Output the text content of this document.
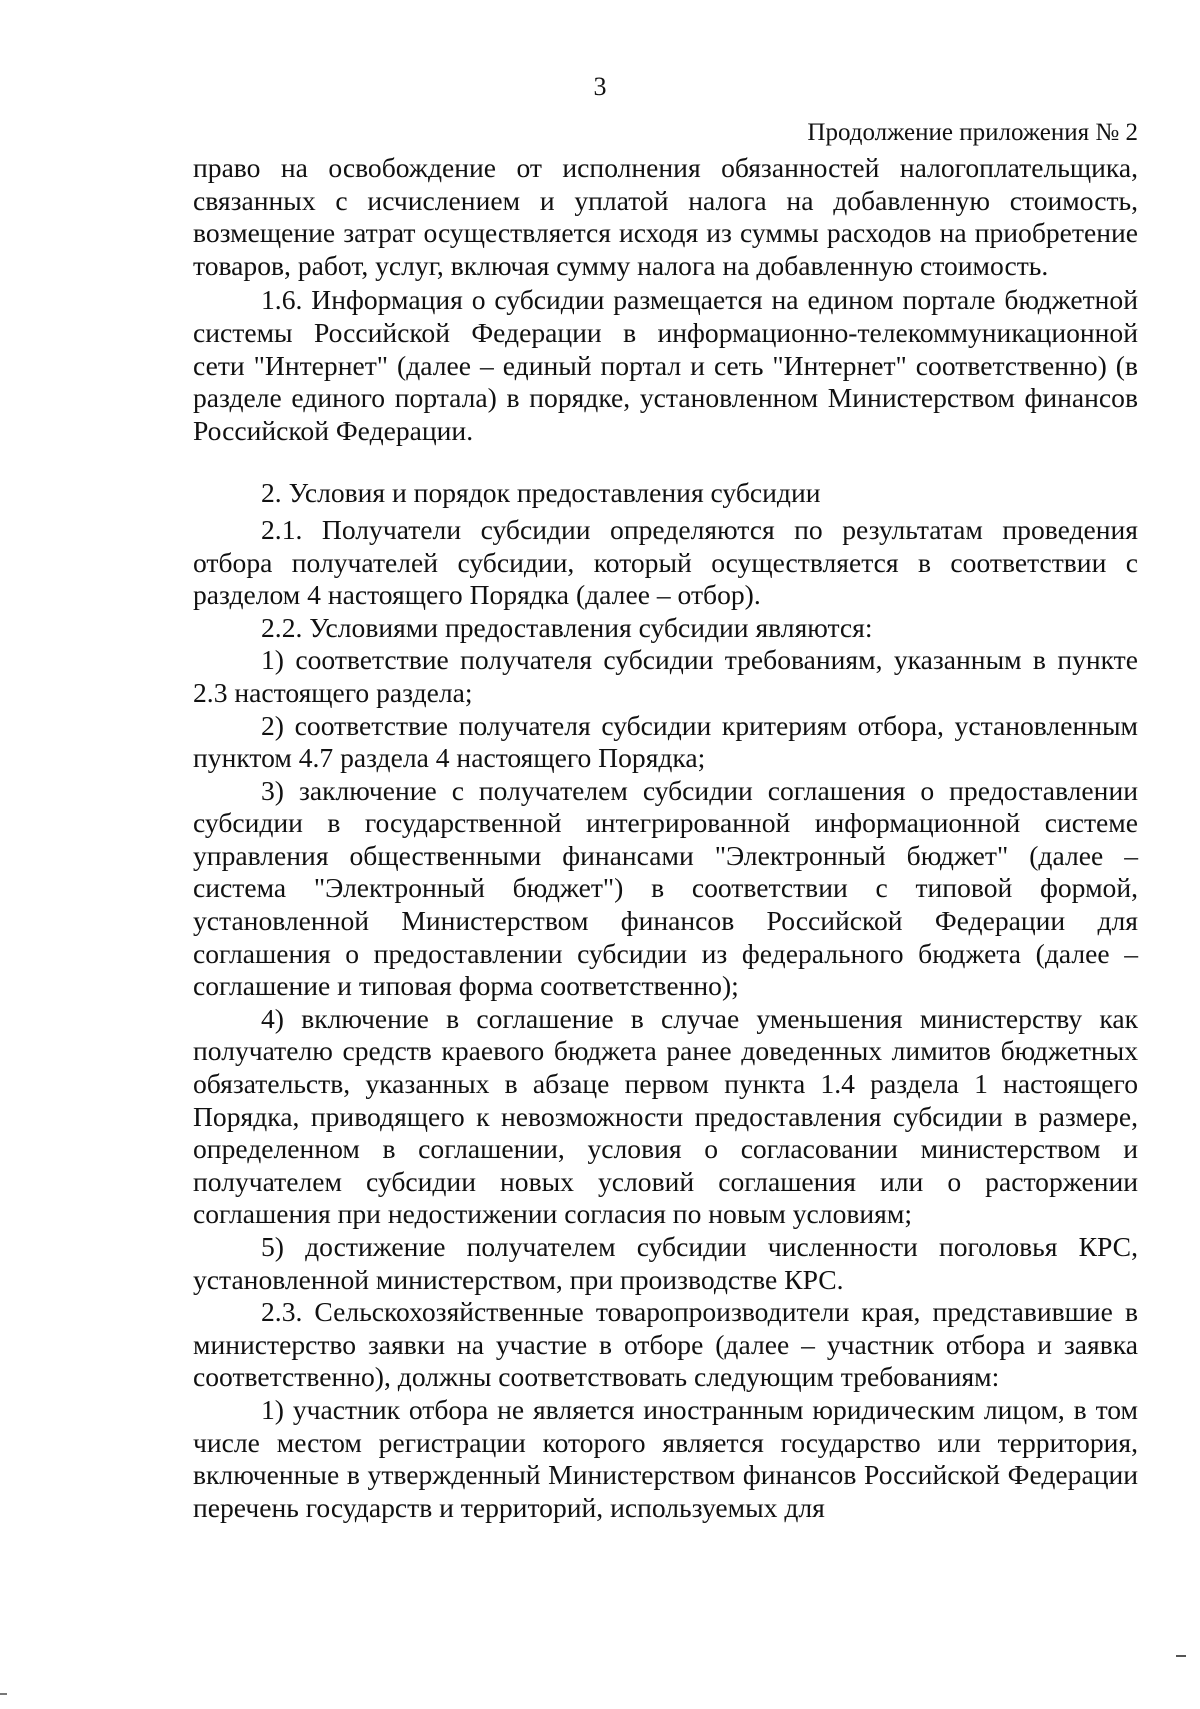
3
Продолжение приложения № 2

право на освобождение от исполнения обязанностей налогоплательщика, связанных с исчислением и уплатой налога на добавленную стоимость, возмещение затрат осуществляется исходя из суммы расходов на приобретение товаров, работ, услуг, включая сумму налога на добавленную стоимость.

1.6. Информация о субсидии размещается на едином портале бюджетной системы Российской Федерации в информационно-телекоммуникационной сети "Интернет" (далее – единый портал и сеть "Интернет" соответственно) (в разделе единого портала) в порядке, установленном Министерством финансов Российской Федерации.

2. Условия и порядок предоставления субсидии

2.1. Получатели субсидии определяются по результатам проведения отбора получателей субсидии, который осуществляется в соответствии с разделом 4 настоящего Порядка (далее – отбор).

2.2. Условиями предоставления субсидии являются:

1) соответствие получателя субсидии требованиям, указанным в пункте 2.3 настоящего раздела;

2) соответствие получателя субсидии критериям отбора, установленным пунктом 4.7 раздела 4 настоящего Порядка;

3) заключение с получателем субсидии соглашения о предоставлении субсидии в государственной интегрированной информационной системе управления общественными финансами "Электронный бюджет" (далее – система "Электронный бюджет") в соответствии с типовой формой, установленной Министерством финансов Российской Федерации для соглашения о предоставлении субсидии из федерального бюджета (далее – соглашение и типовая форма соответственно);

4) включение в соглашение в случае уменьшения министерству как получателю средств краевого бюджета ранее доведенных лимитов бюджетных обязательств, указанных в абзаце первом пункта 1.4 раздела 1 настоящего Порядка, приводящего к невозможности предоставления субсидии в размере, определенном в соглашении, условия о согласовании министерством и получателем субсидии новых условий соглашения или о расторжении соглашения при недостижении согласия по новым условиям;

5) достижение получателем субсидии численности поголовья КРС, установленной министерством, при производстве КРС.

2.3. Сельскохозяйственные товаропроизводители края, представившие в министерство заявки на участие в отборе (далее – участник отбора и заявка соответственно), должны соответствовать следующим требованиям:

1) участник отбора не является иностранным юридическим лицом, в том числе местом регистрации которого является государство или территория, включенные в утвержденный Министерством финансов Российской Федерации перечень государств и территорий, используемых для
